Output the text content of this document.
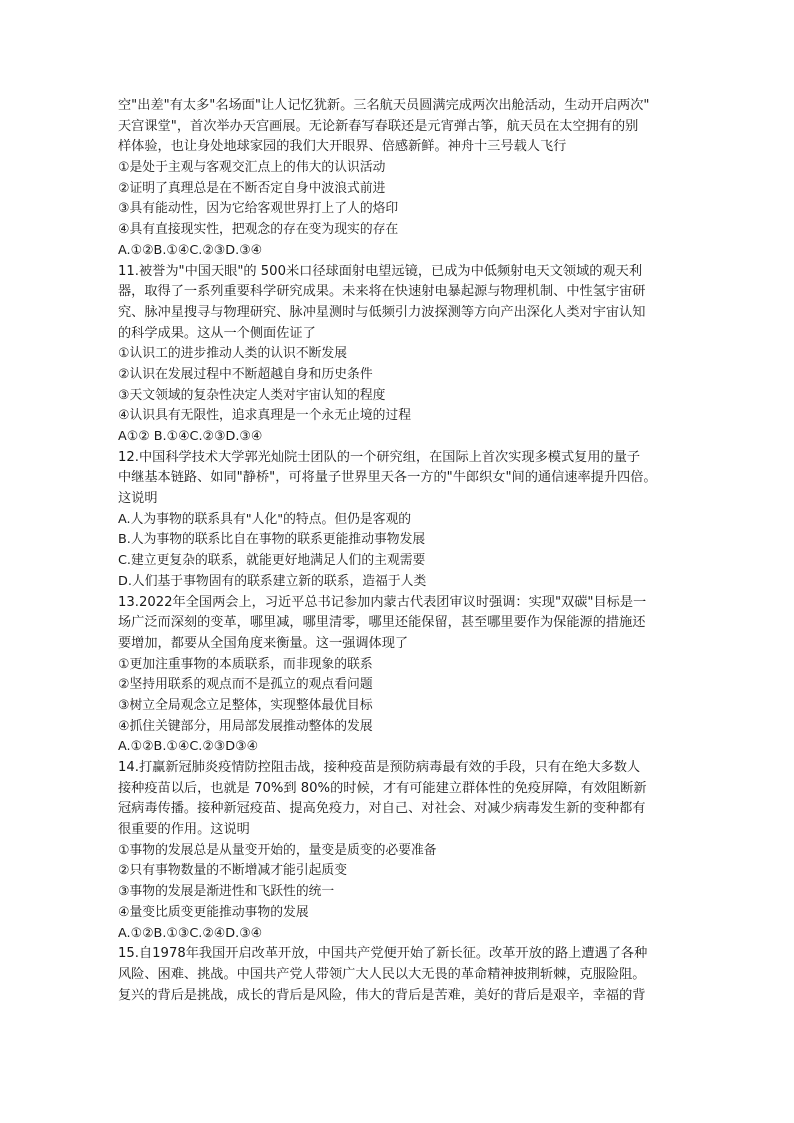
空"出差"有太多"名场面"让人记忆犹新。三名航天员圆满完成两次出舱活动，生动开启两次"
天宫课堂"，首次举办天宫画展。无论新春写春联还是元宵弹古筝，航天员在太空拥有的别
样体验，也让身处地球家园的我们大开眼界、倍感新鲜。神舟十三号载人飞行
①是处于主观与客观交汇点上的伟大的认识活动
②证明了真理总是在不断否定自身中波浪式前进
③具有能动性，因为它给客观世界打上了人的烙印
④具有直接现实性，把观念的存在变为现实的存在
A.①②B.①④C.②③D.③④
11.被誉为"中国天眼"的 500米口径球面射电望远镜，已成为中低频射电天文领域的观天利
器，取得了一系列重要科学研究成果。未来将在快速射电暴起源与物理机制、中性氢宇宙研
究、脉冲星搜寻与物理研究、脉冲星测时与低频引力波探测等方向产出深化人类对宇宙认知
的科学成果。这从一个侧面佐证了
①认识工的进步推动人类的认识不断发展
②认识在发展过程中不断超越自身和历史条件
③天文领域的复杂性决定人类对宇宙认知的程度
④认识具有无限性，追求真理是一个永无止境的过程
A①② B.①④C.②③D.③④
12.中国科学技术大学郭光灿院士团队的一个研究组，在国际上首次实现多模式复用的量子
中继基本链路、如同"静桥"，可将量子世界里天各一方的"牛郎织女"间的通信速率提升四倍。
这说明
A.人为事物的联系具有"人化"的特点。但仍是客观的
B.人为事物的联系比自在事物的联系更能推动事物发展
C.建立更复杂的联系，就能更好地满足人们的主观需要
D.人们基于事物固有的联系建立新的联系，造福于人类
13.2022年全国两会上，习近平总书记参加内蒙古代表团审议时强调：实现"双碳"目标是一
场广泛而深刻的变革，哪里减，哪里清零，哪里还能保留，甚至哪里要作为保能源的措施还
要增加，都要从全国角度来衡量。这一强调体现了
①更加注重事物的本质联系，而非现象的联系
②坚持用联系的观点而不是孤立的观点看问题
③树立全局观念立足整体，实现整体最优目标
④抓住关键部分，用局部发展推动整体的发展
A.①②B.①④C.②③D③④
14.打赢新冠肺炎疫情防控阻击战，接种疫苗是预防病毒最有效的手段，只有在绝大多数人
接种疫苗以后，也就是 70%到 80%的时候，才有可能建立群体性的免疫屏障，有效阻断新
冠病毒传播。接种新冠疫苗、提高免疫力，对自己、对社会、对减少病毒发生新的变种都有
很重要的作用。这说明
①事物的发展总是从量变开始的，量变是质变的必要准备
②只有事物数量的不断增减才能引起质变
③事物的发展是渐进性和飞跃性的统一
④量变比质变更能推动事物的发展
A.①②B.①③C.②④D.③④
15.自1978年我国开启改革开放，中国共产党便开始了新长征。改革开放的路上遭遇了各种
风险、困难、挑战。中国共产党人带领广大人民以大无畏的革命精神披荆斩棘，克服险阻。
复兴的背后是挑战，成长的背后是风险，伟大的背后是苦难，美好的背后是艰辛，幸福的背
